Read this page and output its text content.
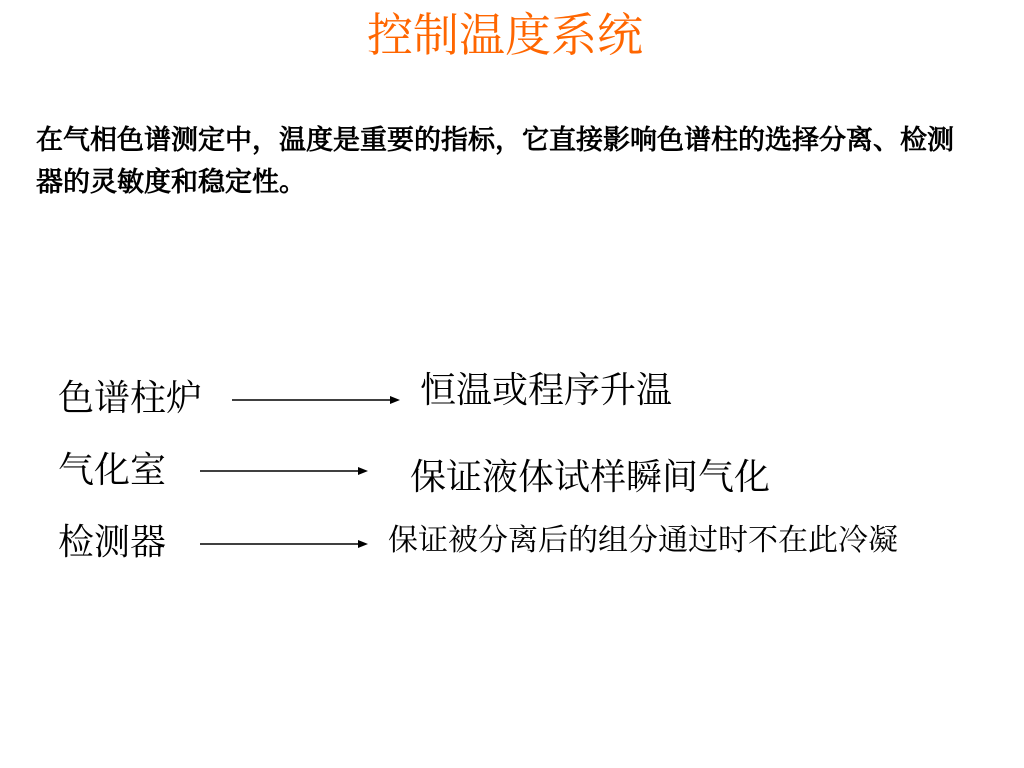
控制温度系统
在气相色谱测定中，温度是重要的指标，它直接影响色谱柱的选择分离、检测器的灵敏度和稳定性。
色谱柱炉	恒温或程序升温
气化室	保证液体试样瞬间气化
检测器	保证被分离后的组分通过时不在此冷凝
